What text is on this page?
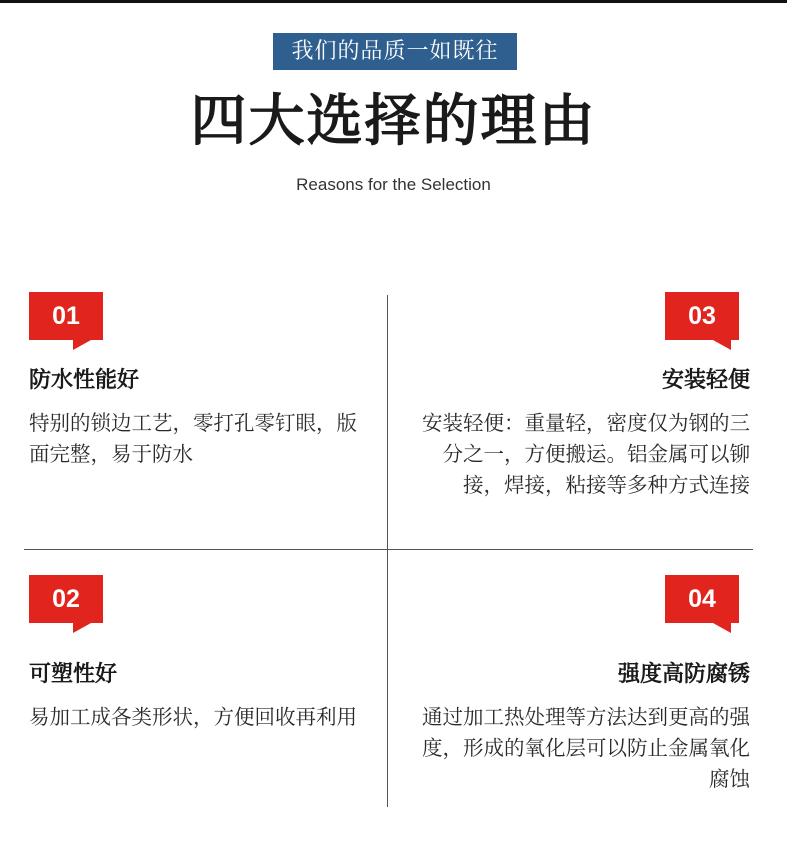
我们的品质一如既往
四大选择的理由
Reasons for the Selection
01
防水性能好
特别的锁边工艺，零打孔零钉眼，版面完整，易于防水
03
安装轻便
安装轻便：重量轻，密度仅为钢的三分之一，方便搬运。铝金属可以铆接，焊接，粘接等多种方式连接
02
可塑性好
易加工成各类形状，方便回收再利用
04
强度高防腐锈
通过加工热处理等方法达到更高的强度，形成的氧化层可以防止金属氧化腐蚀
